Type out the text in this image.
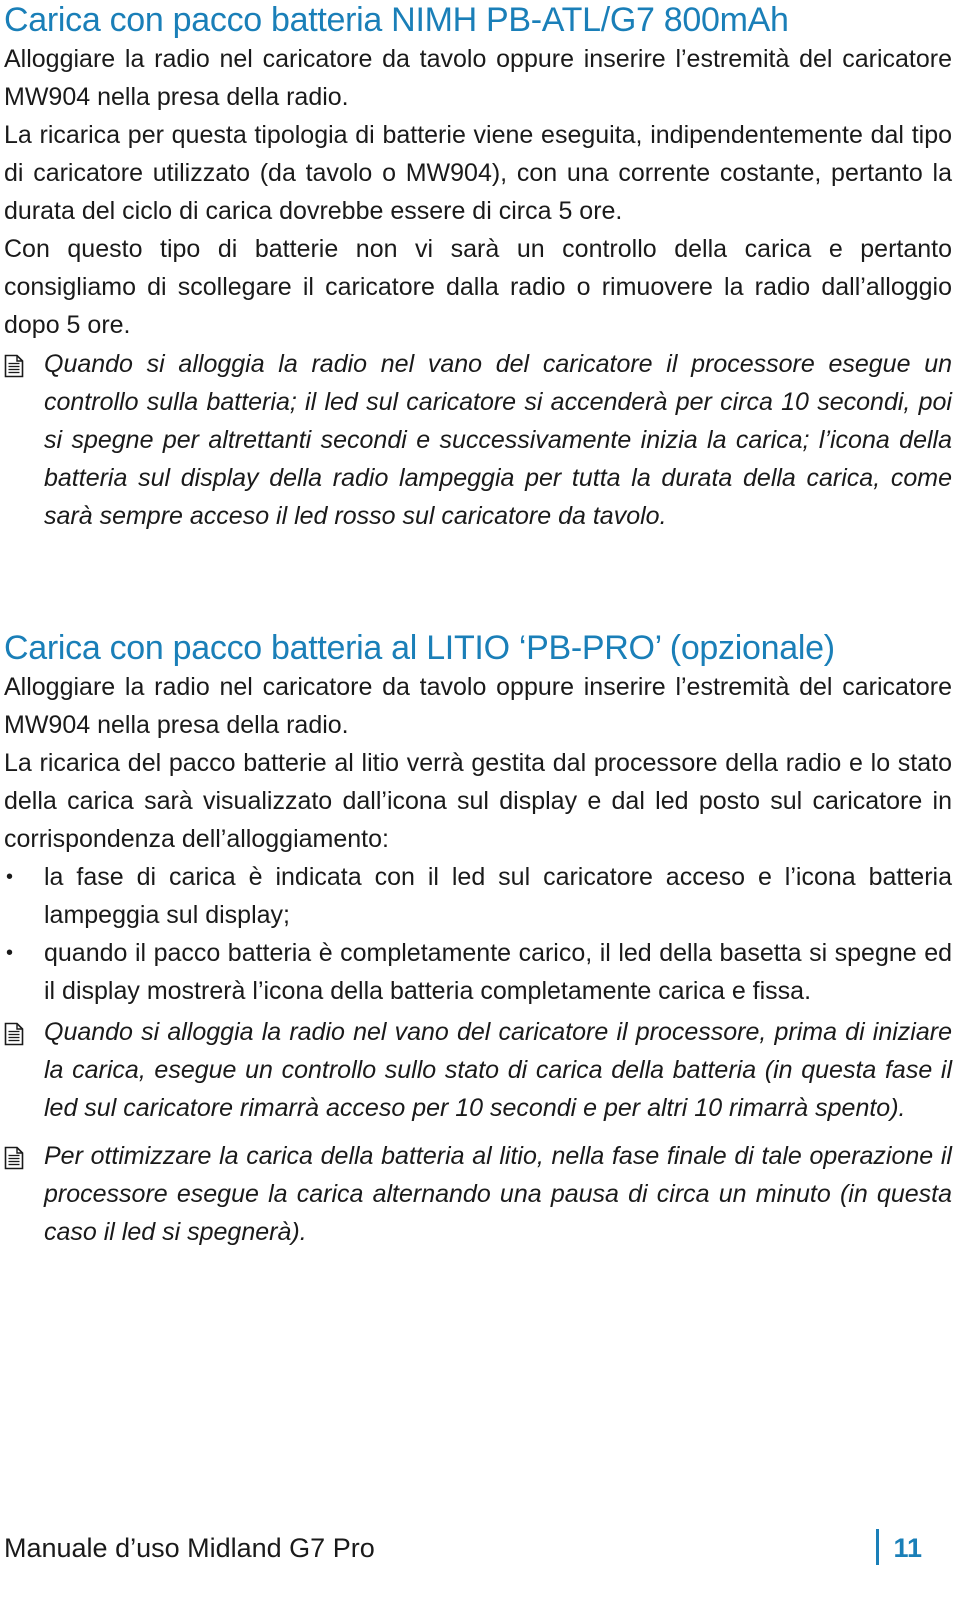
Carica con pacco batteria NIMH PB-ATL/G7 800mAh

Alloggiare la radio nel caricatore da tavolo oppure inserire l’estremità del caricatore MW904 nella presa della radio.

La ricarica per questa tipologia di batterie viene eseguita, indipendentemente dal tipo di caricatore utilizzato (da tavolo o MW904), con una corrente costante, pertanto la durata del ciclo di carica dovrebbe essere di circa 5 ore.

Con questo tipo di batterie non vi sarà un controllo della carica e pertanto consigliamo di scollegare il caricatore dalla radio o rimuovere la radio dall’alloggio dopo 5 ore.

Quando si alloggia la radio nel vano del caricatore il processore esegue un controllo sulla batteria; il led sul caricatore si accenderà per circa 10 secondi, poi si spegne per altrettanti secondi e successivamente inizia la carica; l’icona della batteria sul display della radio lampeggia per tutta la durata della carica, come sarà sempre acceso il led rosso sul caricatore da tavolo.
Carica con pacco batteria al LITIO ‘PB-PRO’ (opzionale)

Alloggiare la radio nel caricatore da tavolo oppure inserire l’estremità del caricatore MW904 nella presa della radio.

La ricarica del pacco batterie al litio verrà gestita dal processore della radio e lo stato della carica sarà visualizzato dall’icona sul display e dal led posto sul caricatore in corrispondenza dell’alloggiamento:

• la fase di carica è indicata con il led sul caricatore acceso e l’icona batteria lampeggia sul display;
• quando il pacco batteria è completamente carico, il led della basetta si spegne ed il display mostrerà l’icona della batteria completamente carica e fissa.
Quando si alloggia la radio nel vano del caricatore il processore, prima di iniziare la carica, esegue un controllo sullo stato di carica della batteria (in questa fase il led sul caricatore rimarrà acceso per 10 secondi e per altri 10 rimarrà spento).
Per ottimizzare la carica della batteria al litio, nella fase finale di tale operazione il processore esegue la carica alternando una pausa di circa un minuto (in questa caso il led si spegnerà).
Manuale d’uso Midland G7 Pro	11
